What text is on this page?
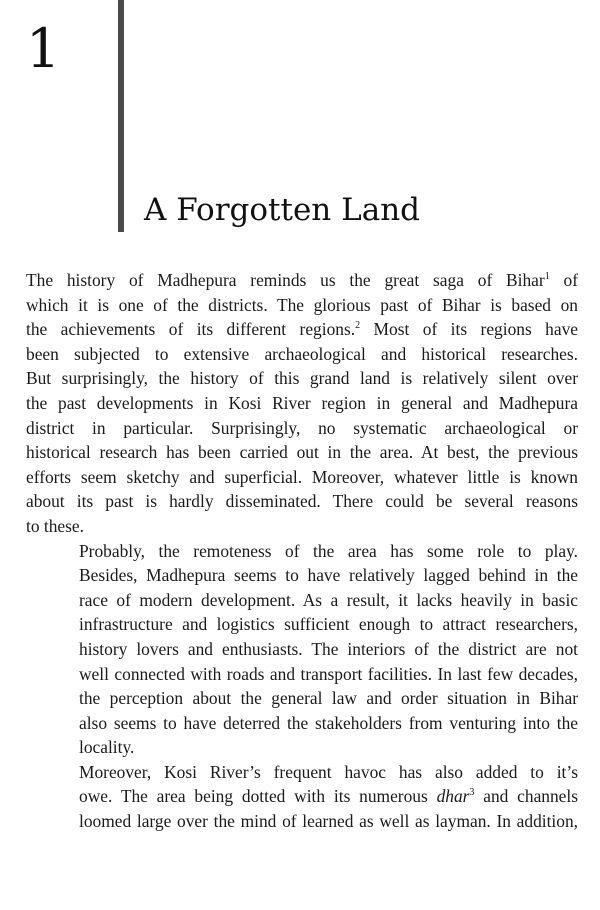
1
A Forgotten Land

The history of Madhepura reminds us the great saga of Bihar$^1$ of
which it is one of the districts. The glorious past of Bihar is based on
the achievements of its different regions.$^2$ Most of its regions have
been subjected to extensive archaeological and historical researches.
But surprisingly, the history of this grand land is relatively silent over
the past developments in Kosi River region in general and Madhepura
district in particular. Surprisingly, no systematic archaeological or
historical research has been carried out in the area. At best, the previous
efforts seem sketchy and superficial. Moreover, whatever little is known
about its past is hardly disseminated. There could be several reasons
to these.

Probably, the remoteness of the area has some role to play.
Besides, Madhepura seems to have relatively lagged behind in the
race of modern development. As a result, it lacks heavily in basic
infrastructure and logistics sufficient enough to attract researchers,
history lovers and enthusiasts. The interiors of the district are not
well connected with roads and transport facilities. In last few decades,
the perception about the general law and order situation in Bihar
also seems to have deterred the stakeholders from venturing into the
locality.

Moreover, Kosi River’s frequent havoc has also added to it’s
owe. The area being dotted with its numerous dhar$^3$ and channels
loomed large over the mind of learned as well as layman. In addition,
